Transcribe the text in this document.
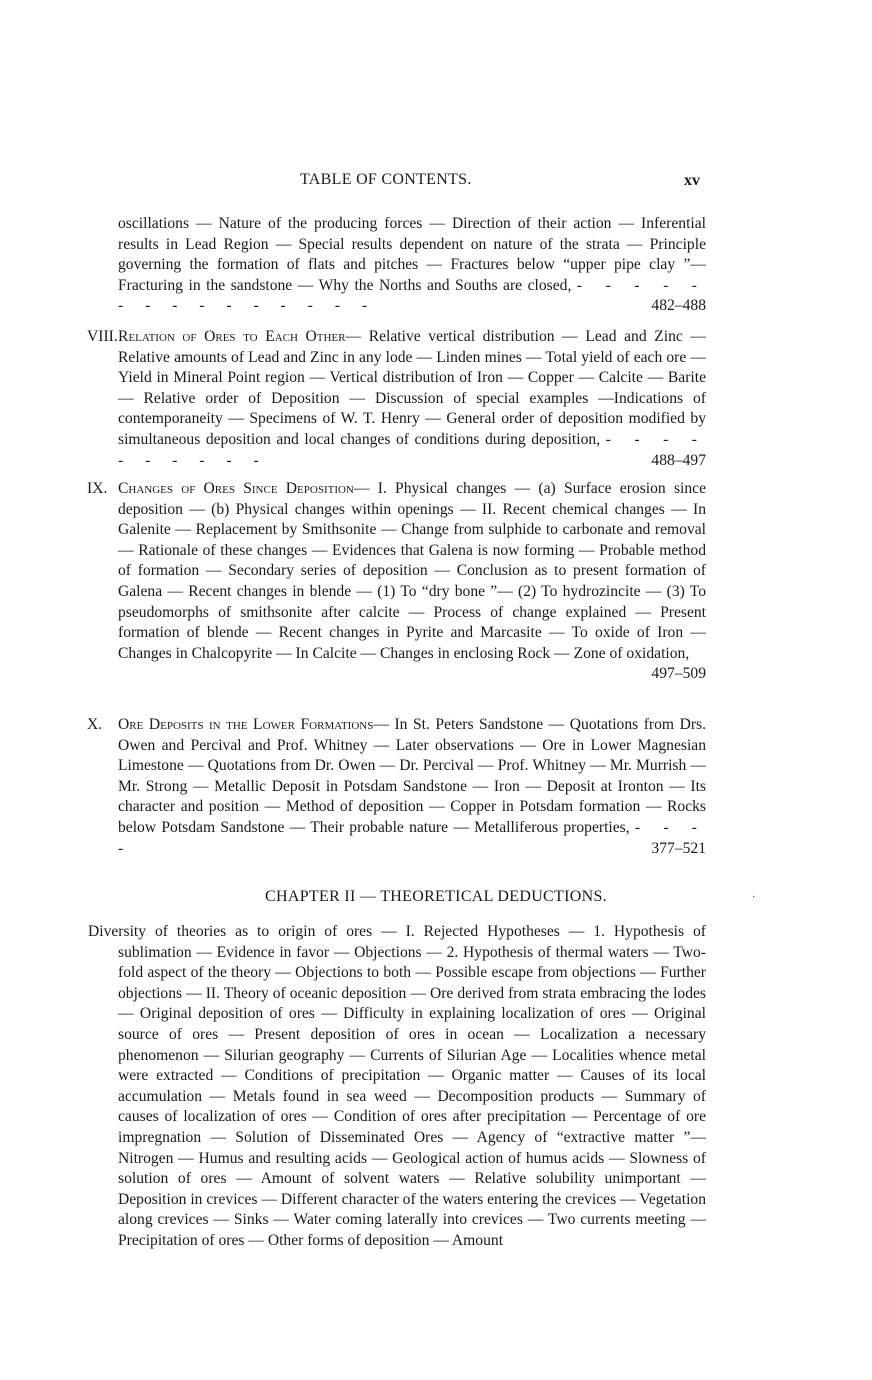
TABLE OF CONTENTS.	xv
oscillations — Nature of the producing forces — Direction of their action — Inferential results in Lead Region — Special results dependent on nature of the strata — Principle governing the formation of flats and pitches — Fractures below “upper pipe clay ”— Fracturing in the sandstone — Why the Norths and Souths are closed, - - - - - - - - - - - - - - -	482–488
VIII.Relation of Ores to Each Other— Relative vertical distribution — Lead and Zinc — Relative amounts of Lead and Zinc in any lode — Linden mines — Total yield of each ore — Yield in Mineral Point region — Vertical distribution of Iron — Copper — Calcite — Barite — Relative order of Deposition — Discussion of special examples —Indications of contemporaneity — Specimens of W. T. Henry — General order of deposition modified by simultaneous deposition and local changes of conditions during deposition, - - - - - - - - - -	488–497
IX. Changes of Ores Since Deposition— I. Physical changes — (a) Surface erosion since deposition — (b) Physical changes within openings — II. Recent chemical changes — In Galenite — Replacement by Smithsonite — Change from sulphide to carbonate and removal — Rationale of these changes — Evidences that Galena is now forming — Probable method of formation — Secondary series of deposition — Conclusion as to present formation of Galena — Recent changes in blende — (1) To “dry bone ”— (2) To hydrozincite — (3) To pseudomorphs of smithsonite after calcite — Process of change explained — Present formation of blende — Recent changes in Pyrite and Marcasite — To oxide of Iron — Changes in Chalcopyrite — In Calcite — Changes in enclosing Rock — Zone of oxidation,
497–509
X. Ore Deposits in the Lower Formations— In St. Peters Sandstone — Quotations from Drs. Owen and Percival and Prof. Whitney — Later observations — Ore in Lower Magnesian Limestone — Quotations from Dr. Owen — Dr. Percival — Prof. Whitney — Mr. Murrish — Mr. Strong — Metallic Deposit in Potsdam Sandstone — Iron — Deposit at Ironton — Its character and position — Method of deposition — Copper in Potsdam formation — Rocks below Potsdam Sandstone — Their probable nature — Metalliferous properties, - - - -	377–521
CHAPTER II — THEORETICAL DEDUCTIONS.	·
Diversity of theories as to origin of ores — I. Rejected Hypotheses — 1. Hypothesis of sublimation — Evidence in favor — Objections — 2. Hypothesis of thermal waters — Two-fold aspect of the theory — Objections to both — Possible escape from objections — Further objections — II. Theory of oceanic deposition — Ore derived from strata embracing the lodes — Original deposition of ores — Difficulty in explaining localization of ores — Original source of ores — Present deposition of ores in ocean — Localization a necessary phenomenon — Silurian geography — Currents of Silurian Age — Localities whence metal were extracted — Conditions of precipitation — Organic matter — Causes of its local accumulation — Metals found in sea weed — Decomposition products — Summary of causes of localization of ores — Condition of ores after precipitation — Percentage of ore impregnation — Solution of Disseminated Ores — Agency of “extractive matter ”— Nitrogen — Humus and resulting acids — Geological action of humus acids — Slowness of solution of ores — Amount of solvent waters — Relative solubility unimportant — Deposition in crevices — Different character of the waters entering the crevices — Vegetation along crevices — Sinks — Water coming laterally into crevices — Two currents meeting — Precipitation of ores — Other forms of deposition — Amount
